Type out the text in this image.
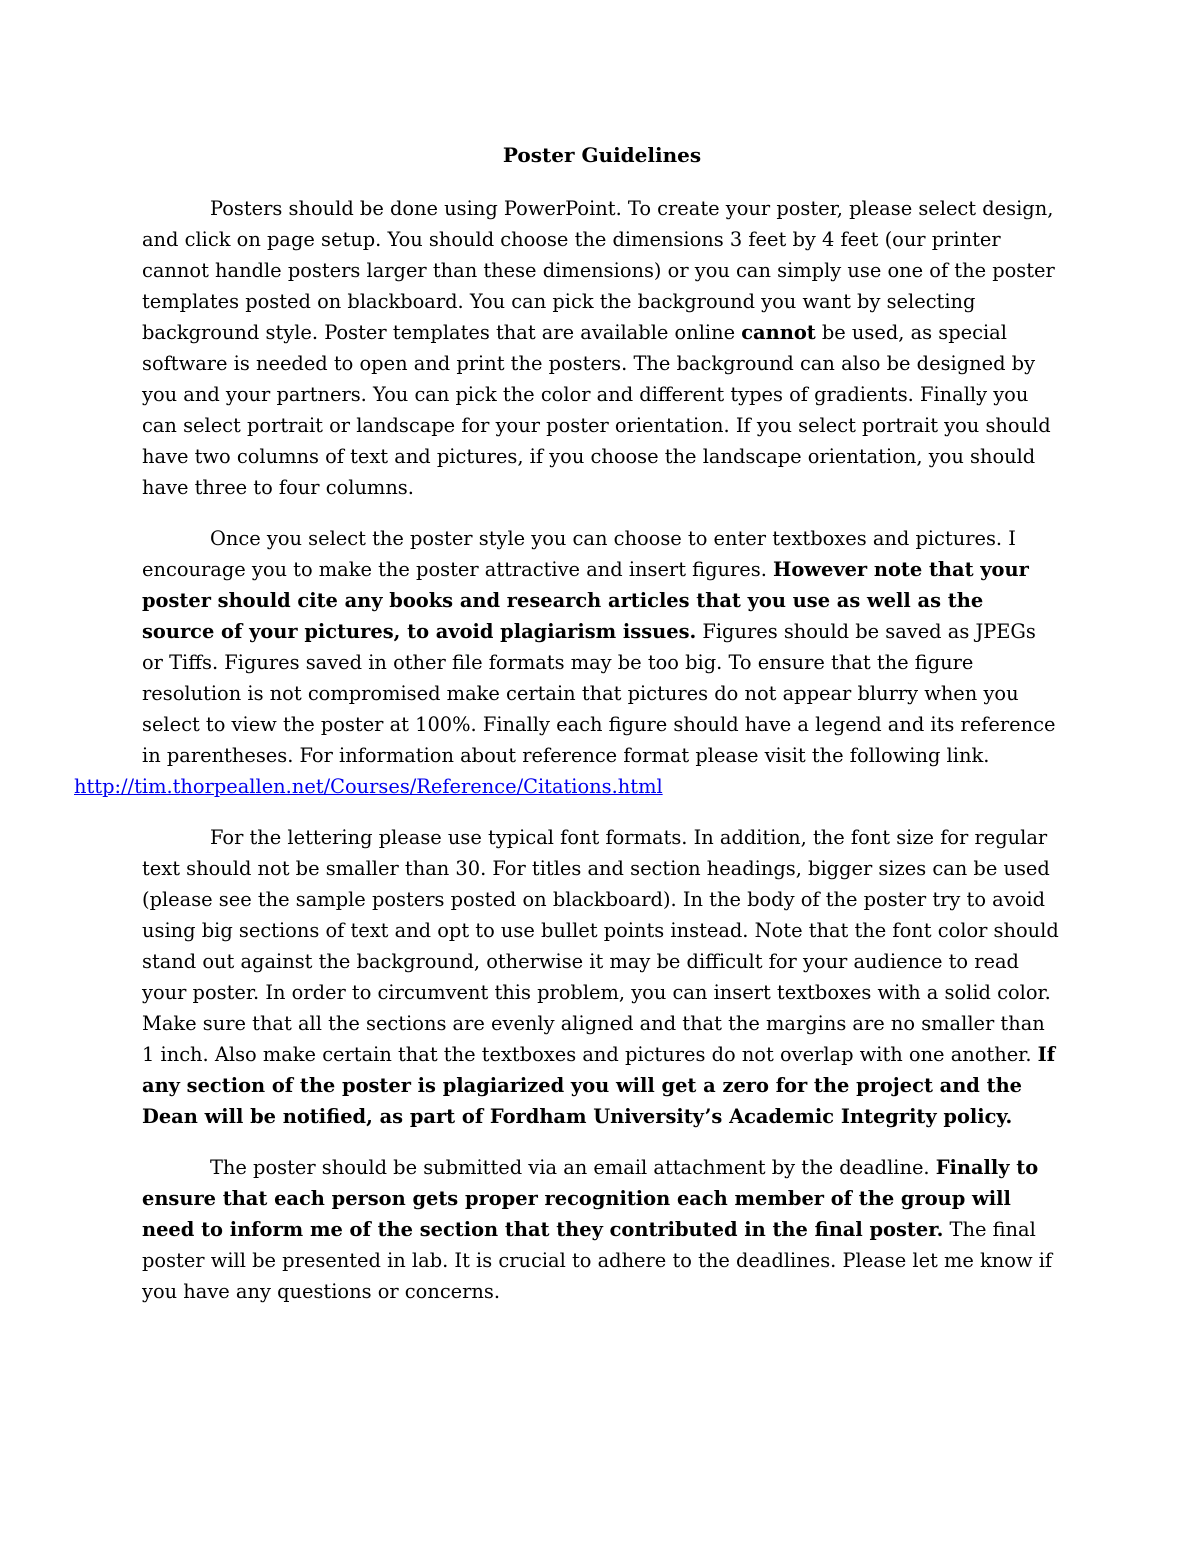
Poster Guidelines

Posters should be done using PowerPoint. To create your poster, please select design, and click on page setup. You should choose the dimensions 3 feet by 4 feet (our printer cannot handle posters larger than these dimensions) or you can simply use one of the poster templates posted on blackboard. You can pick the background you want by selecting background style. Poster templates that are available online cannot be used, as special software is needed to open and print the posters. The background can also be designed by you and your partners. You can pick the color and different types of gradients. Finally you can select portrait or landscape for your poster orientation. If you select portrait you should have two columns of text and pictures, if you choose the landscape orientation, you should have three to four columns.

Once you select the poster style you can choose to enter textboxes and pictures. I encourage you to make the poster attractive and insert figures. However note that your poster should cite any books and research articles that you use as well as the source of your pictures, to avoid plagiarism issues. Figures should be saved as JPEGs or Tiffs. Figures saved in other file formats may be too big. To ensure that the figure resolution is not compromised make certain that pictures do not appear blurry when you select to view the poster at 100%. Finally each figure should have a legend and its reference in parentheses. For information about reference format please visit the following link.
http://tim.thorpeallen.net/Courses/Reference/Citations.html

For the lettering please use typical font formats. In addition, the font size for regular text should not be smaller than 30. For titles and section headings, bigger sizes can be used (please see the sample posters posted on blackboard). In the body of the poster try to avoid using big sections of text and opt to use bullet points instead. Note that the font color should stand out against the background, otherwise it may be difficult for your audience to read your poster. In order to circumvent this problem, you can insert textboxes with a solid color. Make sure that all the sections are evenly aligned and that the margins are no smaller than 1 inch. Also make certain that the textboxes and pictures do not overlap with one another. If any section of the poster is plagiarized you will get a zero for the project and the Dean will be notified, as part of Fordham University’s Academic Integrity policy.

The poster should be submitted via an email attachment by the deadline. Finally to ensure that each person gets proper recognition each member of the group will need to inform me of the section that they contributed in the final poster. The final poster will be presented in lab. It is crucial to adhere to the deadlines. Please let me know if you have any questions or concerns.
